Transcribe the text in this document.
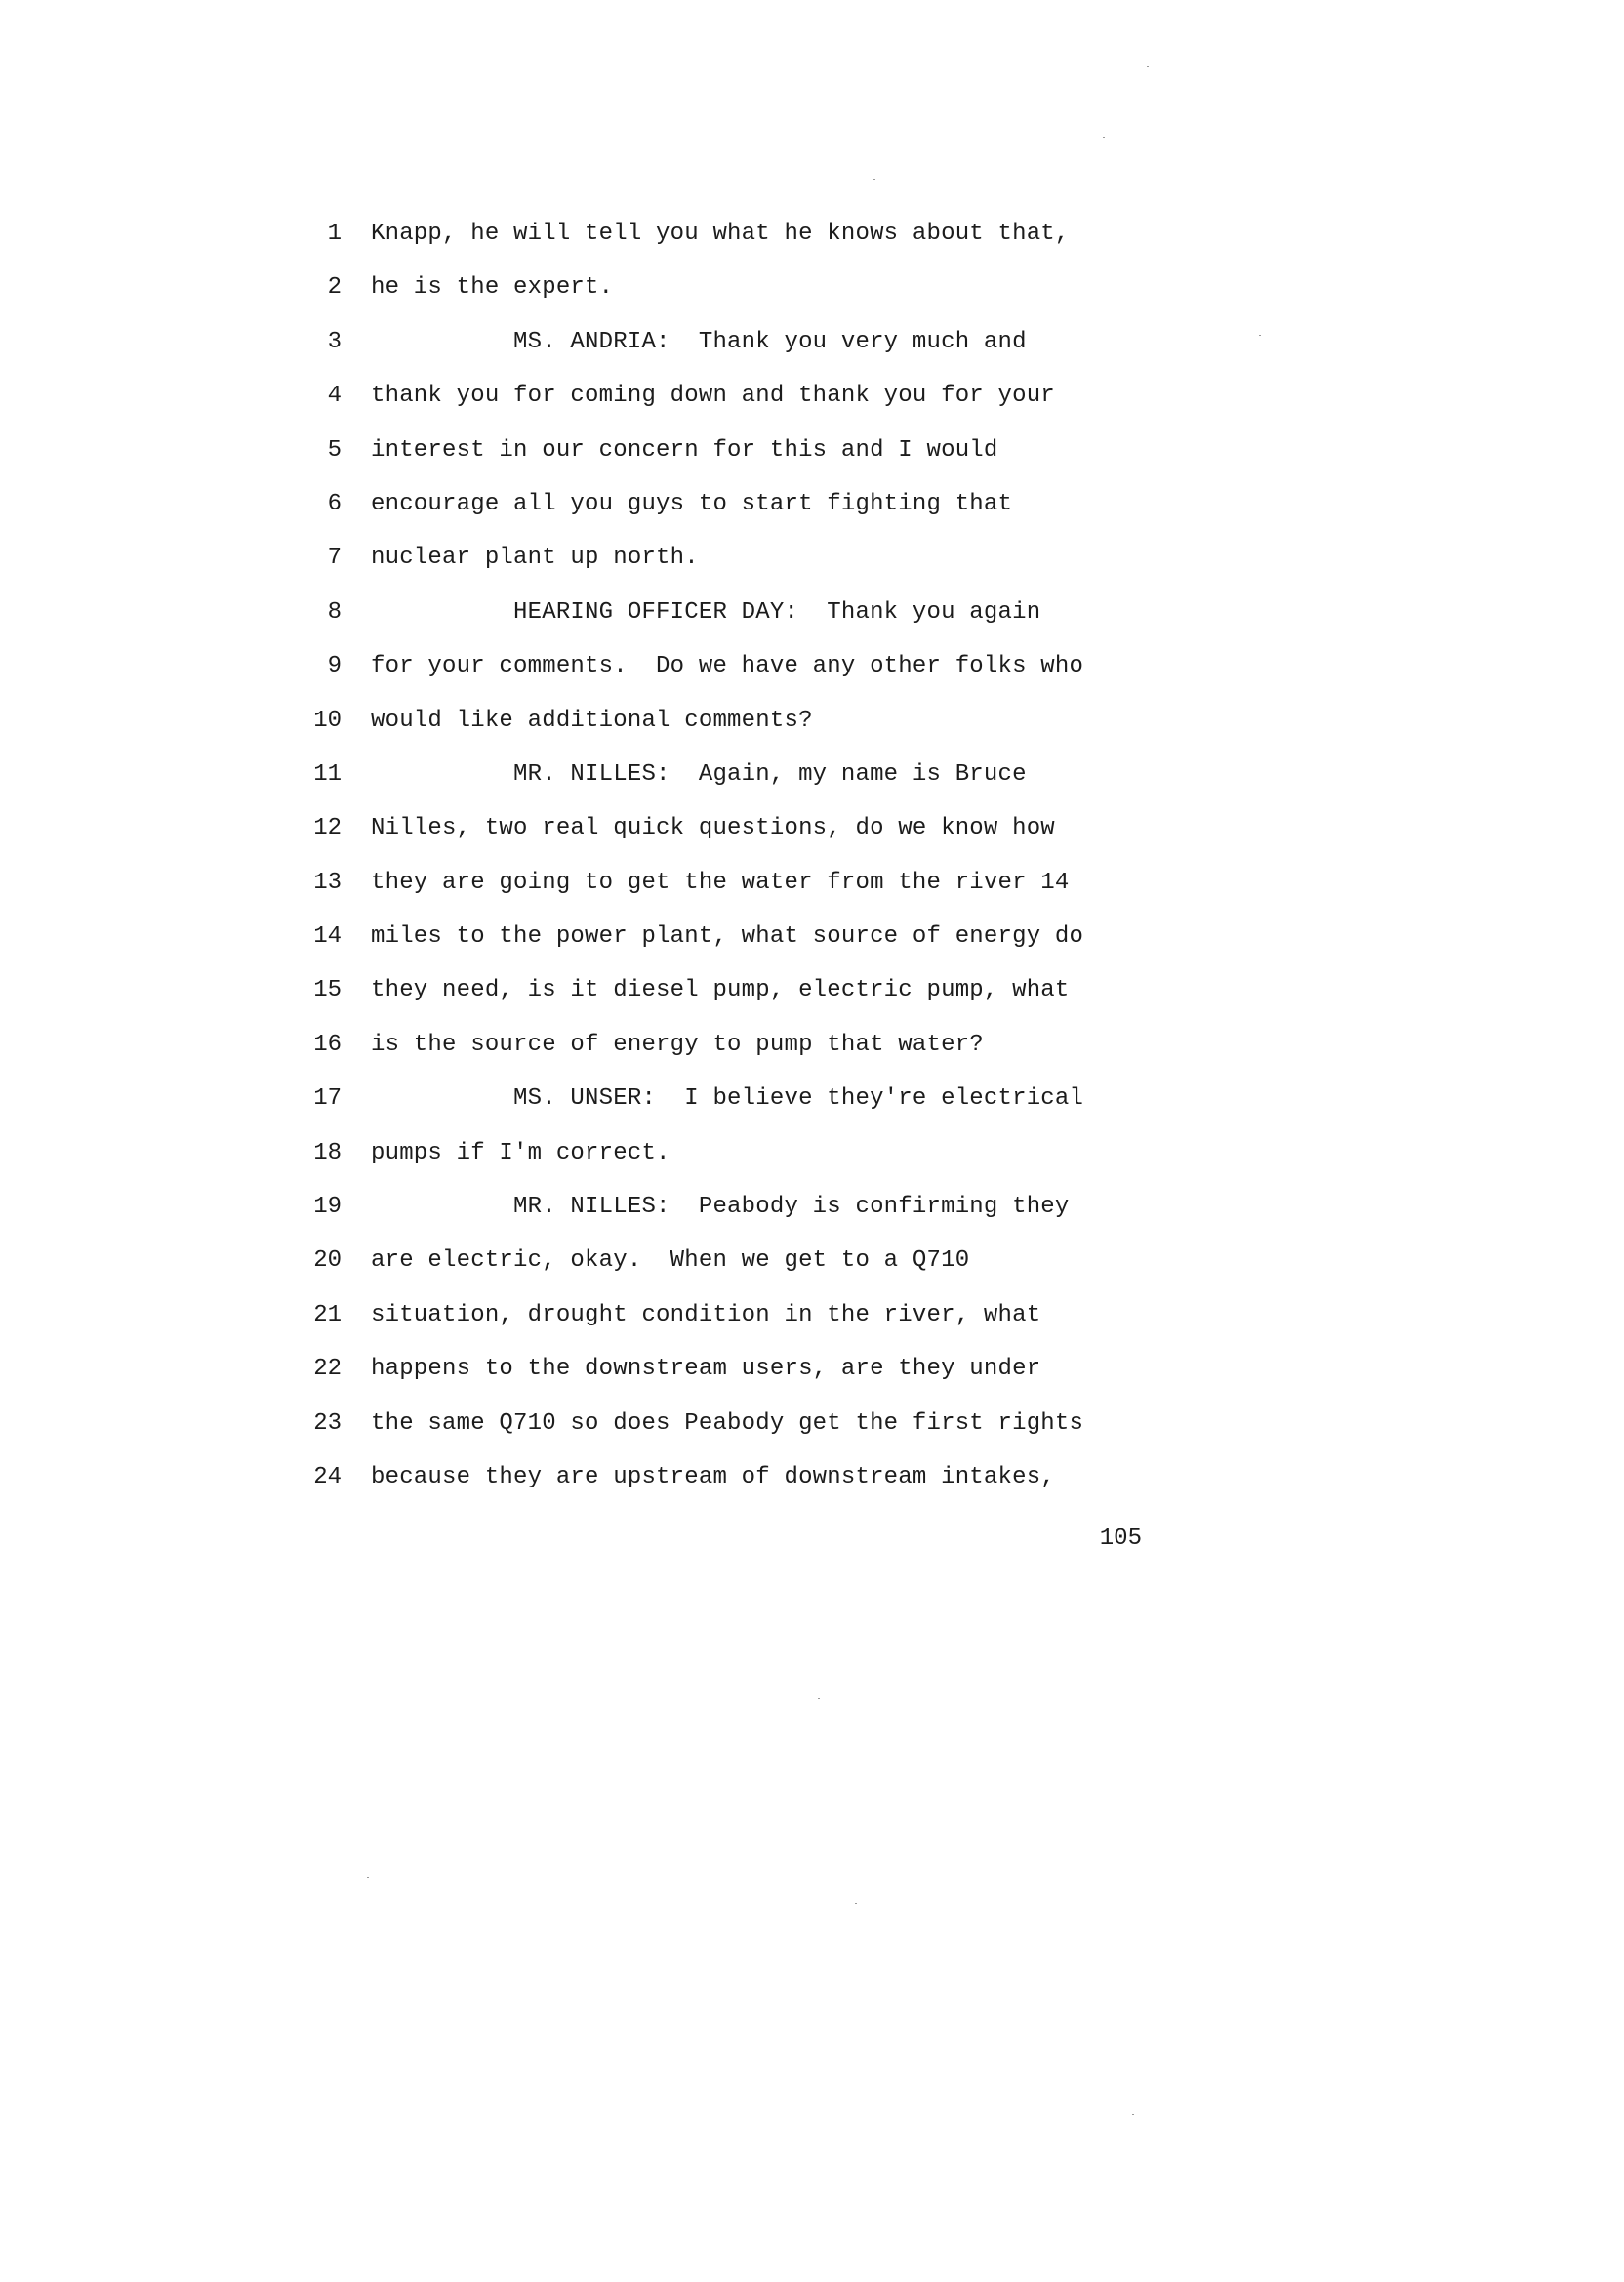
1	Knapp, he will tell you what he knows about that,
2	he is the expert.
3	MS. ANDRIA:  Thank you very much and
4	thank you for coming down and thank you for your
5	interest in our concern for this and I would
6	encourage all you guys to start fighting that
7	nuclear plant up north.
8	HEARING OFFICER DAY:  Thank you again
9	for your comments.  Do we have any other folks who
10	would like additional comments?
11	MR. NILLES:  Again, my name is Bruce
12	Nilles, two real quick questions, do we know how
13	they are going to get the water from the river 14
14	miles to the power plant, what source of energy do
15	they need, is it diesel pump, electric pump, what
16	is the source of energy to pump that water?
17	MS. UNSER:  I believe they're electrical
18	pumps if I'm correct.
19	MR. NILLES:  Peabody is confirming they
20	are electric, okay.  When we get to a Q710
21	situation, drought condition in the river, what
22	happens to the downstream users, are they under
23	the same Q710 so does Peabody get the first rights
24	because they are upstream of downstream intakes,
105
